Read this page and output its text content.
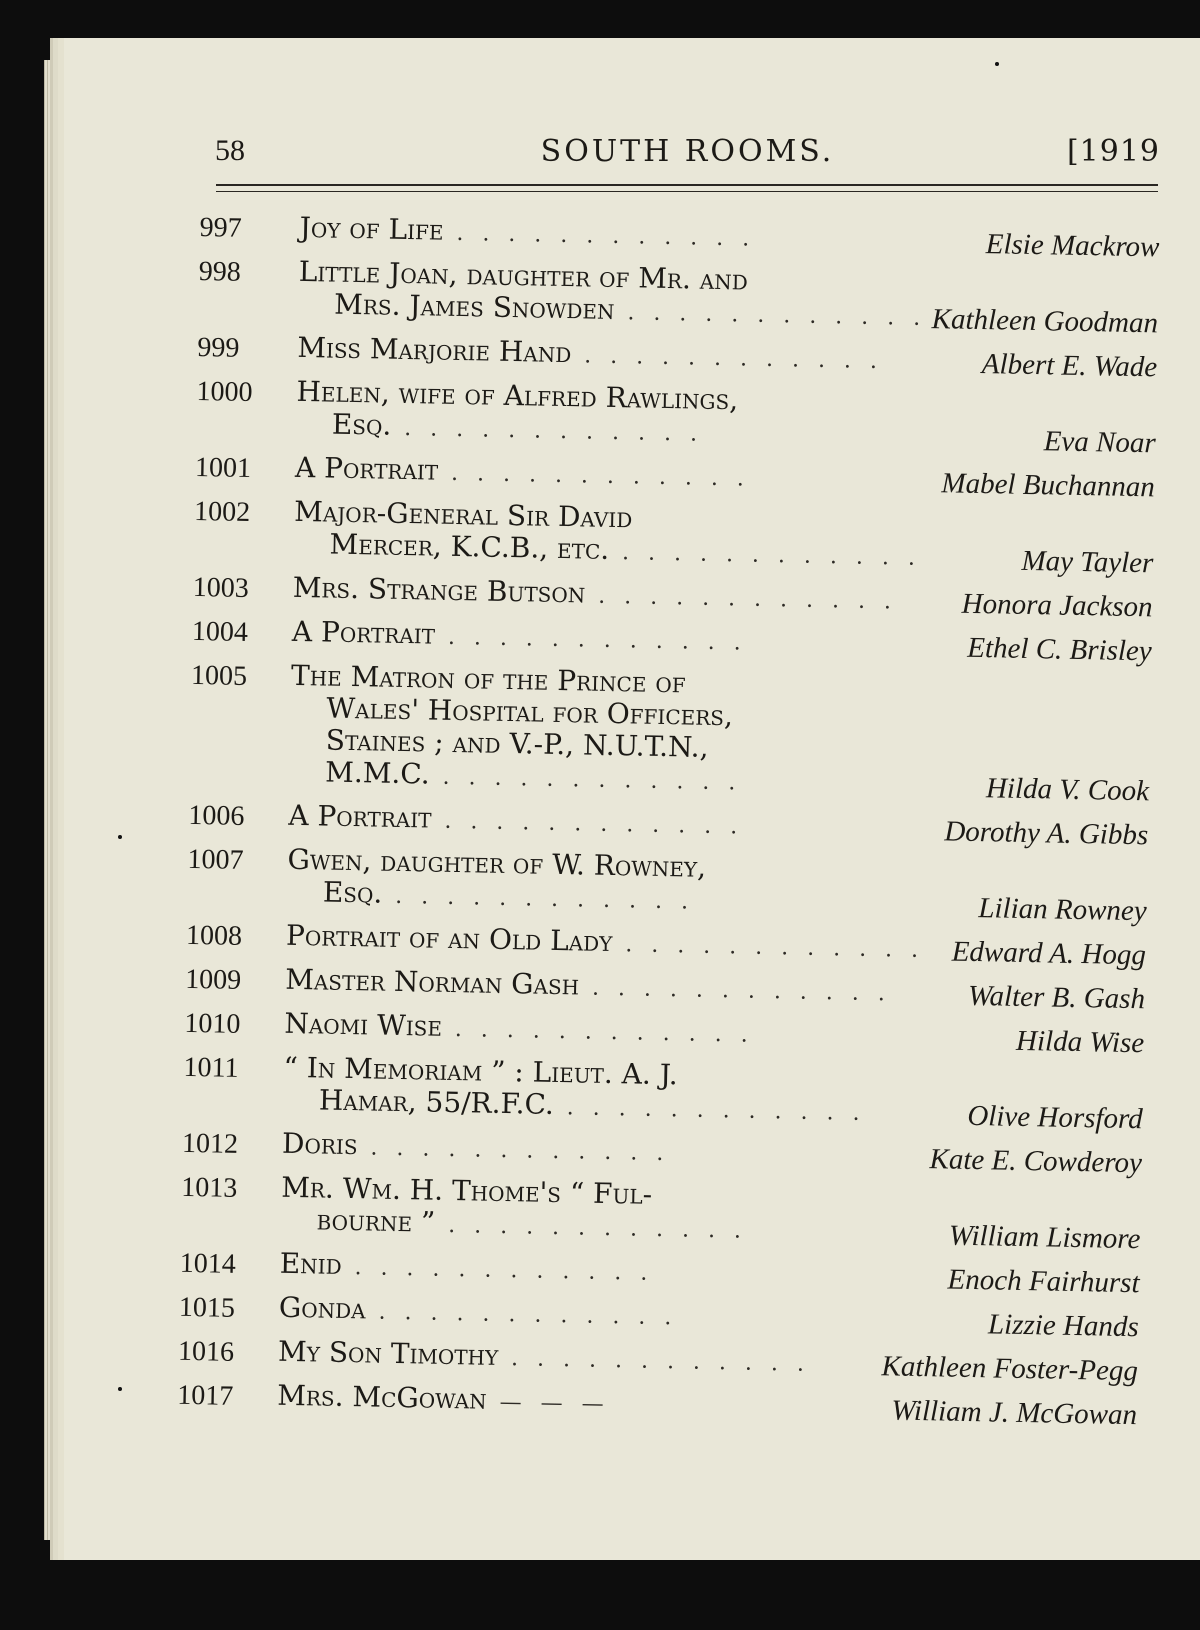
58	SOUTH ROOMS.	[1919
997	Joy of Life . . . . . . . . . . . .	Elsie Mackrow
998	Little Joan, daughter of Mr. and
Mrs. James Snowden . . . . . . . . . . . . Kathleen Goodman
999	Miss Marjorie Hand . . . . . . . . . . . .	Albert E. Wade
1000	Helen, wife of Alfred Rawlings,
Esq. . . . . . . . . . . . .	Eva Noar
1001	A Portrait . . . . . . . . . . . .	Mabel Buchannan
1002	Major-General Sir David
Mercer, K.C.B., etc. . . . . . . . . . . . .	May Tayler
1003	Mrs. Strange Butson . . . . . . . . . . . .	Honora Jackson
1004	A Portrait . . . . . . . . . . . .	Ethel C. Brisley
1005	The Matron of the Prince of
Wales' Hospital for Officers,
Staines ; and V.-P., N.U.T.N.,
M.M.C. . . . . . . . . . . . .	Hilda V. Cook
1006	A Portrait . . . . . . . . . . . .	Dorothy A. Gibbs
1007	Gwen, daughter of W. Rowney,
Esq. . . . . . . . . . . . .	Lilian Rowney
1008	Portrait of an Old Lady . . . . . . . . . . . . Edward A. Hogg
1009	Master Norman Gash . . . . . . . . . . . .	Walter B. Gash
1010	Naomi Wise . . . . . . . . . . . .	Hilda Wise
1011	“ In Memoriam ” : Lieut. A. J.
Hamar, 55/R.F.C. . . . . . . . . . . . .	Olive Horsford
1012	Doris . . . . . . . . . . . .	Kate E. Cowderoy
1013	Mr. Wm. H. Thome's “ Ful-
bourne ” . . . . . . . . . . . .	William Lismore
1014	Enid . . . . . . . . . . . .	Enoch Fairhurst
1015	Gonda . . . . . . . . . . . .	Lizzie Hands
1016	My Son Timothy . . . . . . . . . . . .	Kathleen Foster-Pegg
1017	Mrs. McGowan — — —	William J. McGowan
